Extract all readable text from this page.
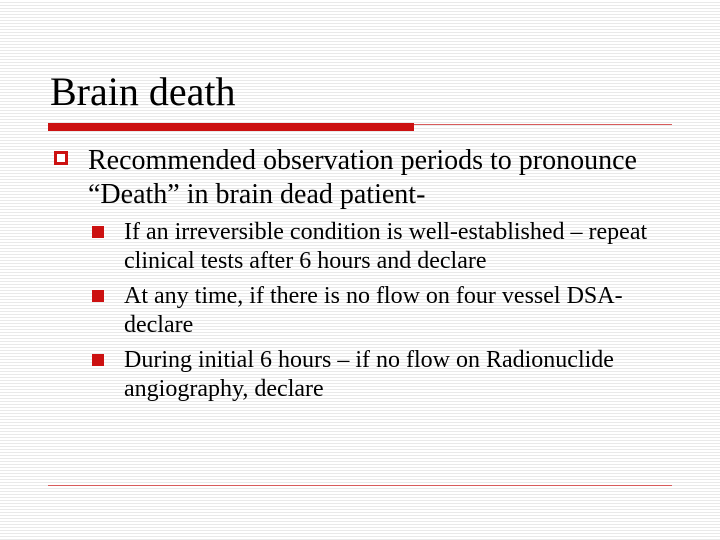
Brain death
Recommended observation periods to pronounce “Death” in brain dead patient-
If an irreversible condition is well-established – repeat clinical tests after 6 hours and declare
At any time, if there is no flow on four vessel DSA- declare
During initial 6 hours – if no flow on Radionuclide angiography, declare
